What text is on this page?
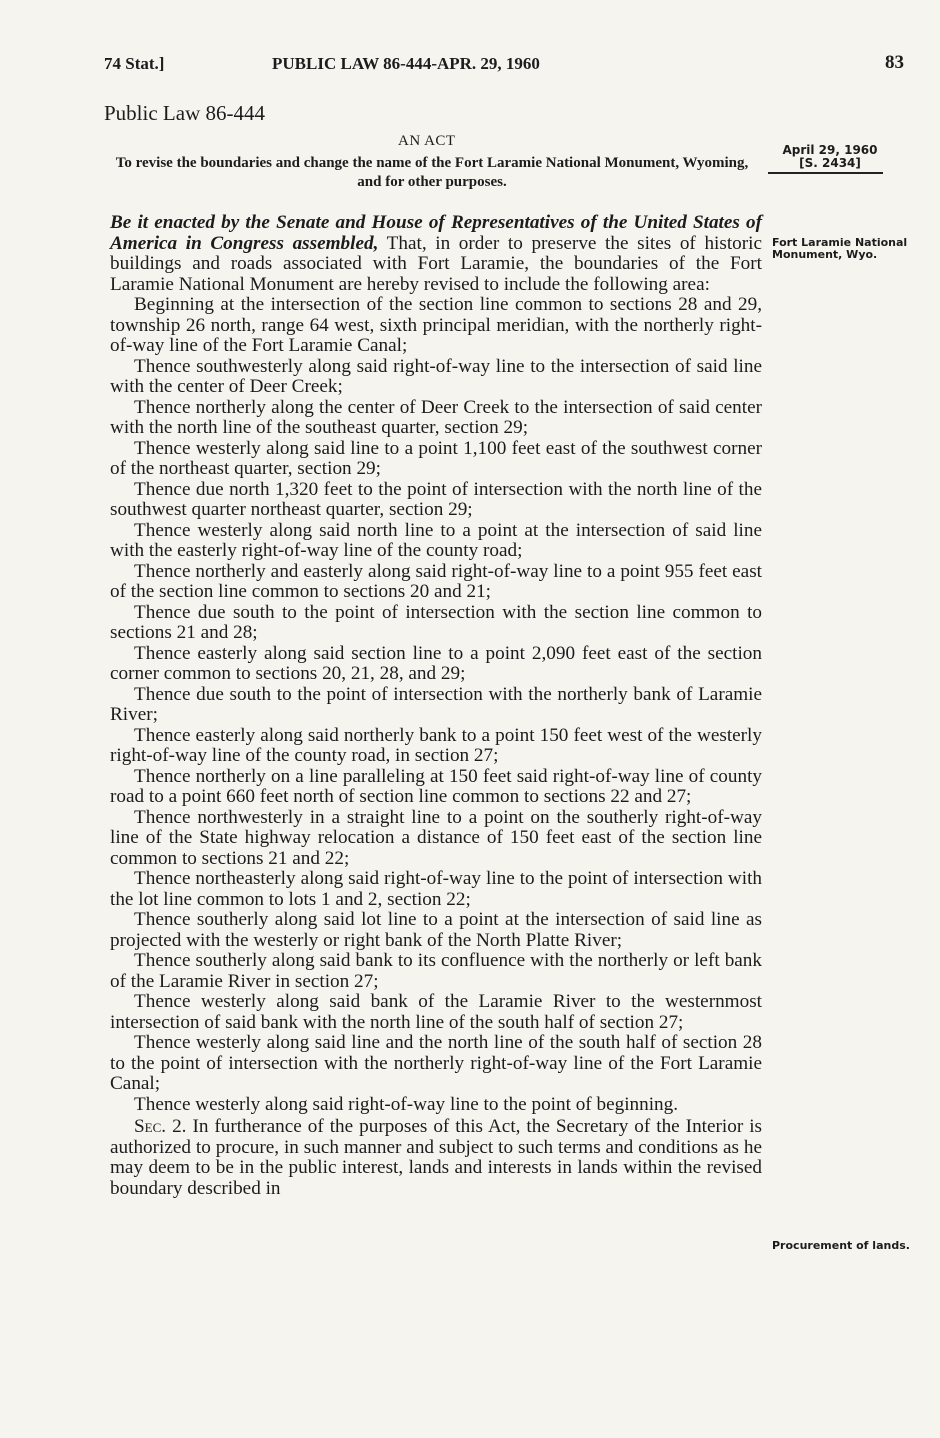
74 Stat.]	PUBLIC LAW 86-444-APR. 29, 1960	83
Public Law 86-444
AN ACT
To revise the boundaries and change the name of the Fort Laramie National Monument, Wyoming, and for other purposes.
April 29, 1960
[S. 2434]
Fort Laramie National Monument, Wyo.
Procurement of lands.

Be it enacted by the Senate and House of Representatives of the United States of America in Congress assembled, That, in order to preserve the sites of historic buildings and roads associated with Fort Laramie, the boundaries of the Fort Laramie National Monument are hereby revised to include the following area:

Beginning at the intersection of the section line common to sections 28 and 29, township 26 north, range 64 west, sixth principal meridian, with the northerly right-of-way line of the Fort Laramie Canal;

Thence southwesterly along said right-of-way line to the intersection of said line with the center of Deer Creek;

Thence northerly along the center of Deer Creek to the intersection of said center with the north line of the southeast quarter, section 29;

Thence westerly along said line to a point 1,100 feet east of the southwest corner of the northeast quarter, section 29;

Thence due north 1,320 feet to the point of intersection with the north line of the southwest quarter northeast quarter, section 29;

Thence westerly along said north line to a point at the intersection of said line with the easterly right-of-way line of the county road;

Thence northerly and easterly along said right-of-way line to a point 955 feet east of the section line common to sections 20 and 21;

Thence due south to the point of intersection with the section line common to sections 21 and 28;

Thence easterly along said section line to a point 2,090 feet east of the section corner common to sections 20, 21, 28, and 29;

Thence due south to the point of intersection with the northerly bank of Laramie River;

Thence easterly along said northerly bank to a point 150 feet west of the westerly right-of-way line of the county road, in section 27;

Thence northerly on a line paralleling at 150 feet said right-of-way line of county road to a point 660 feet north of section line common to sections 22 and 27;

Thence northwesterly in a straight line to a point on the southerly right-of-way line of the State highway relocation a distance of 150 feet east of the section line common to sections 21 and 22;

Thence northeasterly along said right-of-way line to the point of intersection with the lot line common to lots 1 and 2, section 22;

Thence southerly along said lot line to a point at the intersection of said line as projected with the westerly or right bank of the North Platte River;

Thence southerly along said bank to its confluence with the northerly or left bank of the Laramie River in section 27;

Thence westerly along said bank of the Laramie River to the westernmost intersection of said bank with the north line of the south half of section 27;

Thence westerly along said line and the north line of the south half of section 28 to the point of intersection with the northerly right-of-way line of the Fort Laramie Canal;

Thence westerly along said right-of-way line to the point of beginning.

Sec. 2. In furtherance of the purposes of this Act, the Secretary of the Interior is authorized to procure, in such manner and subject to such terms and conditions as he may deem to be in the public interest, lands and interests in lands within the revised boundary described in
